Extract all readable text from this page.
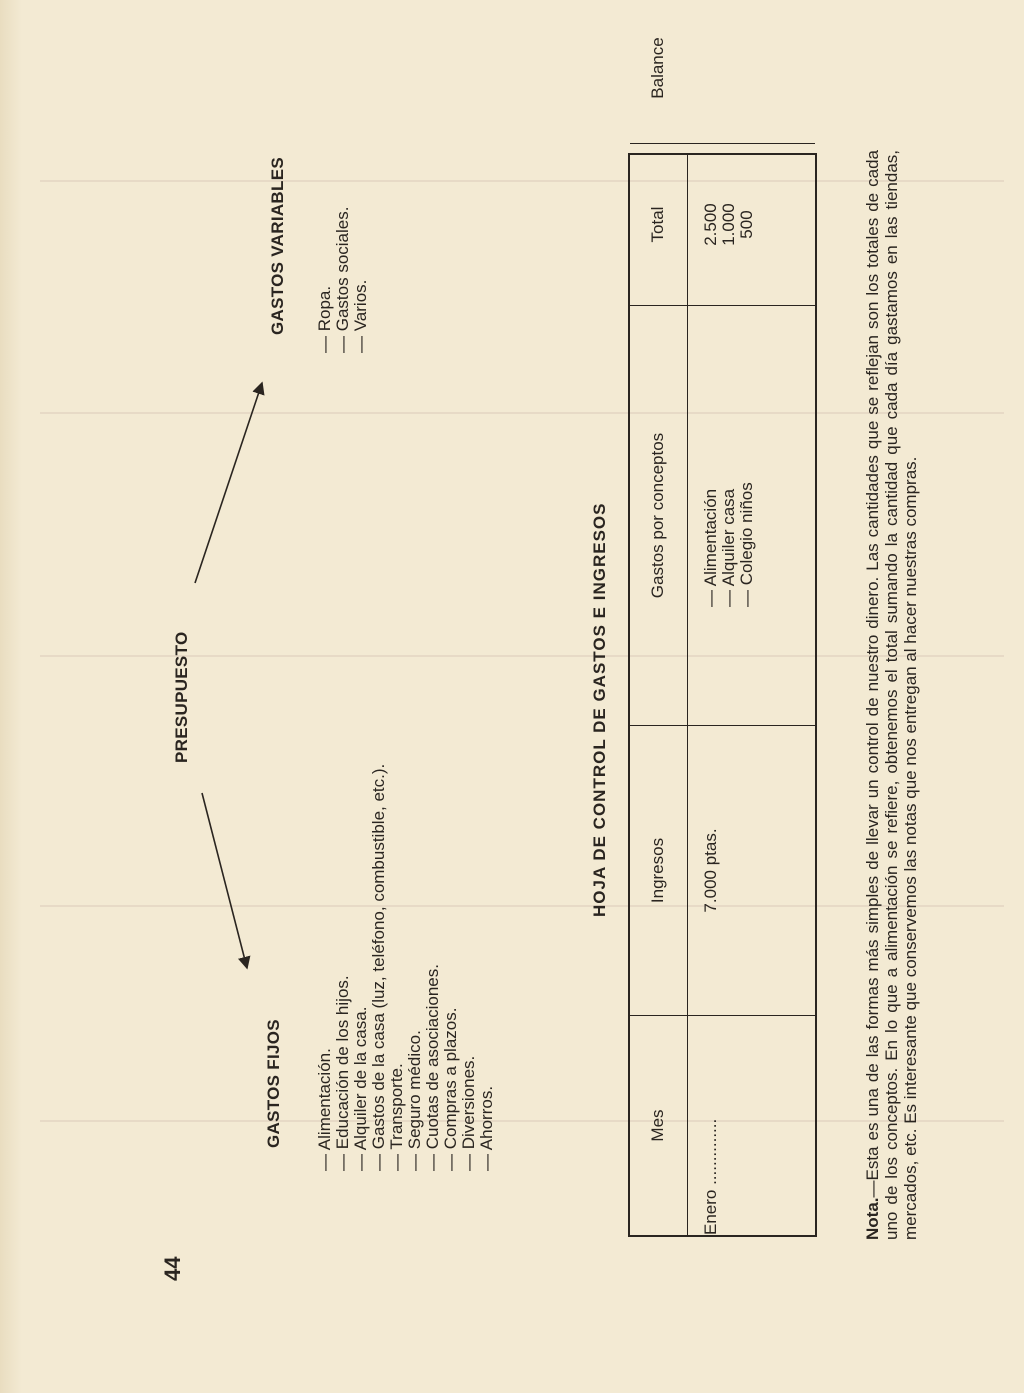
44
GASTOS FIJOS — Alimentación. — Educación de los hijos. — Alquiler de la casa. — Gastos de la casa (luz, teléfono, combustible, etc.). — Transporte. — Seguro médico. — Cuotas de asociaciones. — Compras a plazos. — Diversiones. — Ahorros.
PRESUPUESTO
GASTOS VARIABLES — Ropa. — Gastos sociales. — Varios.
HOJA DE CONTROL DE GASTOS E INGRESOS
Mes Enero ..............
Ingresos 7.000 ptas.
Gastos por conceptos — Alimentación — Alquiler casa — Colegio niños
Total 2.500 1.000 500
Balance

Nota.—Esta es una de las formas más simples de llevar un control de nuestro dinero. Las cantidades que se reflejan son los totales de cada uno de los conceptos. En lo que a alimentación se refiere, obtenemos el total sumando la cantidad que cada día gastamos en las tiendas, mercados, etc. Es interesante que conservemos las notas que nos entregan al hacer nuestras compras.
